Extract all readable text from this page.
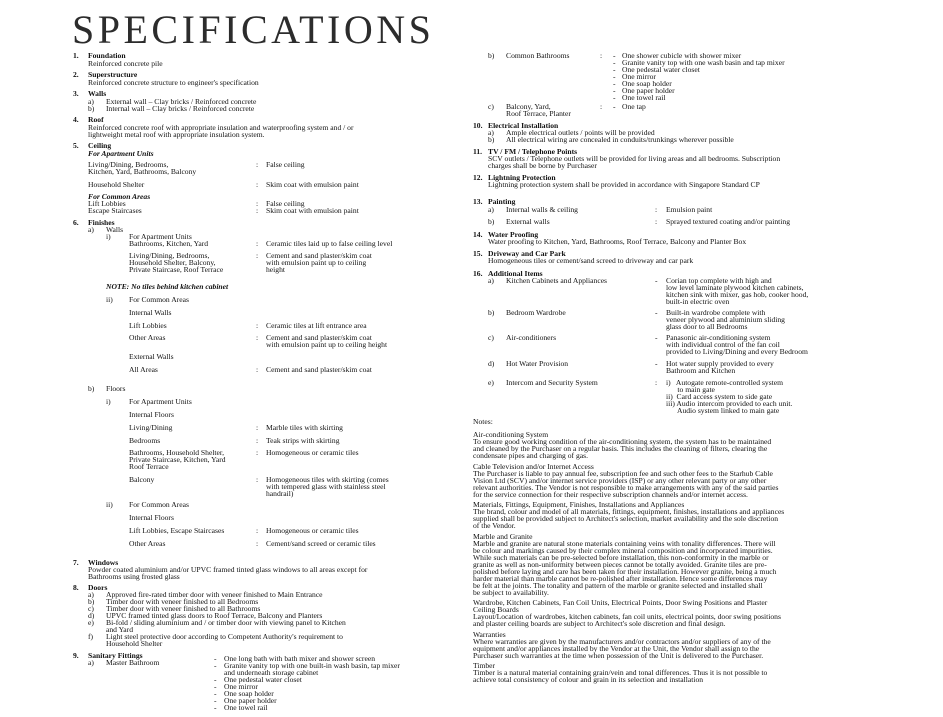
SPECIFICATIONS
1. Foundation
Reinforced concrete pile
2. Superstructure
Reinforced concrete structure to engineer's specification
3. Walls
a) External wall – Clay bricks / Reinforced concrete
b) Internal wall – Clay bricks / Reinforced concrete
4. Roof
Reinforced concrete roof with appropriate insulation and waterproofing system and / or
lightweight metal roof with appropriate insulation system.
5. Ceiling
For Apartment Units
Living/Dining, Bedrooms,
Kitchen, Yard, Bathrooms, Balcony
: False ceiling
Household Shelter	: Skim coat with emulsion paint
For Common Areas
Lift Lobbies	: False ceiling
Escape Staircases	: Skim coat with emulsion paint
6. Finishes
a) Walls
i) For Apartment Units
Bathrooms, Kitchen, Yard	: Ceramic tiles laid up to false ceiling level
Living/Dining, Bedrooms,
Household Shelter, Balcony,
Private Staircase, Roof Terrace
: Cement and sand plaster/skim coat
with emulsion paint up to ceiling
height
NOTE: No tiles behind kitchen cabinet
ii) For Common Areas
Internal Walls
Lift Lobbies	: Ceramic tiles at lift entrance area
Other Areas	: Cement and sand plaster/skim coat
with emulsion paint up to ceiling height
External Walls
All Areas	: Cement and sand plaster/skim coat
b) Floors
i) For Apartment Units
Internal Floors
Living/Dining	: Marble tiles with skirting
Bedrooms	: Teak strips with skirting
Bathrooms, Household Shelter,
Private Staircase, Kitchen, Yard
Roof Terrace
: Homogeneous or ceramic tiles
Balcony	: Homogeneous tiles with skirting (comes
with tempered glass with stainless steel
handrail)
ii) For Common Areas
Internal Floors
Lift Lobbies, Escape Staircases	: Homogeneous or ceramic tiles
Other Areas	: Cement/sand screed or ceramic tiles
7. Windows
Powder coated aluminium and/or UPVC framed tinted glass windows to all areas except for
Bathrooms using frosted glass
8. Doors
a) Approved fire-rated timber door with veneer finished to Main Entrance
b) Timber door with veneer finished to all Bedrooms
c) Timber door with veneer finished to all Bathrooms
d) UPVC framed tinted glass doors to Roof Terrace, Balcony and Planters
e) Bi-fold / sliding aluminium and / or timber door with viewing panel to Kitchen
and Yard
f) Light steel protective door according to Competent Authority's requirement to
Household Shelter
9. Sanitary Fittings
a) Master Bathroom	- One long bath with bath mixer and shower screen
- Granite vanity top with one built-in wash basin, tap mixer
and underneath storage cabinet
- One pedestal water closet
- One mirror
- One soap holder
- One paper holder
- One towel rail
b) Common Bathrooms	: - One shower cubicle with shower mixer
- Granite vanity top with one wash basin and tap mixer
- One pedestal water closet
- One mirror
- One soap holder
- One paper holder
- One towel rail
c) Balcony, Yard,
Roof Terrace, Planter
: - One tap
10. Electrical Installation
a) Ample electrical outlets / points will be provided
b) All electrical wiring are concealed in conduits/trunkings wherever possible
11. TV / FM / Telephone Points
SCV outlets / Telephone outlets will be provided for living areas and all bedrooms. Subscription
charges shall be borne by Purchaser
12. Lightning Protection
Lightning protection system shall be provided in accordance with Singapore Standard CP
13. Painting
a) Internal walls & ceiling	: Emulsion paint
b) External walls	: Sprayed textured coating and/or painting
14. Water Proofing
Water proofing to Kitchen, Yard, Bathrooms, Roof Terrace, Balcony and Planter Box
15. Driveway and Car Park
Homogeneous tiles or cement/sand screed to driveway and car park
16. Additional Items
a) Kitchen Cabinets and Appliances	- Corian top complete with high and
low level laminate plywood kitchen cabinets,
kitchen sink with mixer, gas hob, cooker hood,
built-in electric oven
b) Bedroom Wardrobe	- Built-in wardrobe complete with
veneer plywood and aluminium sliding
glass door to all Bedrooms
c) Air-conditioners	- Panasonic air-conditioning system
with individual control of the fan coil
provided to Living/Dining and every Bedroom
d) Hot Water Provision	- Hot water supply provided to every
Bathroom and Kitchen
e) Intercom and Security System	: i)   Autogate remote-controlled system
to main gate
ii)  Card access system to side gate
iii) Audio intercom provided to each unit.
Audio system linked to main gate
Notes:
Air-conditioning System
To ensure good working condition of the air-conditioning system, the system has to be maintained
and cleaned by the Purchaser on a regular basis. This includes the cleaning of filters, clearing the
condensate pipes and charging of gas.
Cable Television and/or Internet Access
The Purchaser is liable to pay annual fee, subscription fee and such other fees to the Starhub Cable
Vision Ltd (SCV) and/or internet service providers (ISP) or any other relevant party or any other
relevant authorities. The Vendor is not responsible to make arrangements with any of the said parties
for the service connection for their respective subscription channels and/or internet access.
Materials, Fittings, Equipment, Finishes, Installations and Appliances
The brand, colour and model of all materials, fittings, equipment, finishes, installations and appliances
supplied shall be provided subject to Architect's selection, market availability and the sole discretion
of the Vendor.
Marble and Granite
Marble and granite are natural stone materials containing veins with tonality differences. There will
be colour and markings caused by their complex mineral composition and incorporated impurities.
While such materials can be pre-selected before installation, this non-conformity in the marble or
granite as well as non-uniformity between pieces cannot be totally avoided. Granite tiles are pre-
polished before laying and care has been taken for their installation. However granite, being a much
harder material than marble cannot be re-polished after installation. Hence some differences may
be felt at the joints. The tonality and pattern of the marble or granite selected and installed shall
be subject to availability.
Wardrobe, Kitchen Cabinets, Fan Coil Units, Electrical Points, Door Swing Positions and Plaster
Ceiling Boards
Layout/Location of wardrobes, kitchen cabinets, fan coil units, electrical points, door swing positions
and plaster ceiling boards are subject to Architect's sole discretion and final design.
Warranties
Where warranties are given by the manufacturers and/or contractors and/or suppliers of any of the
equipment and/or appliances installed by the Vendor at the Unit, the Vendor shall assign to the
Purchaser such warranties at the time when possession of the Unit is delivered to the Purchaser.
Timber
Timber is a natural material containing grain/vein and tonal differences. Thus it is not possible to
achieve total consistency of colour and grain in its selection and installation
